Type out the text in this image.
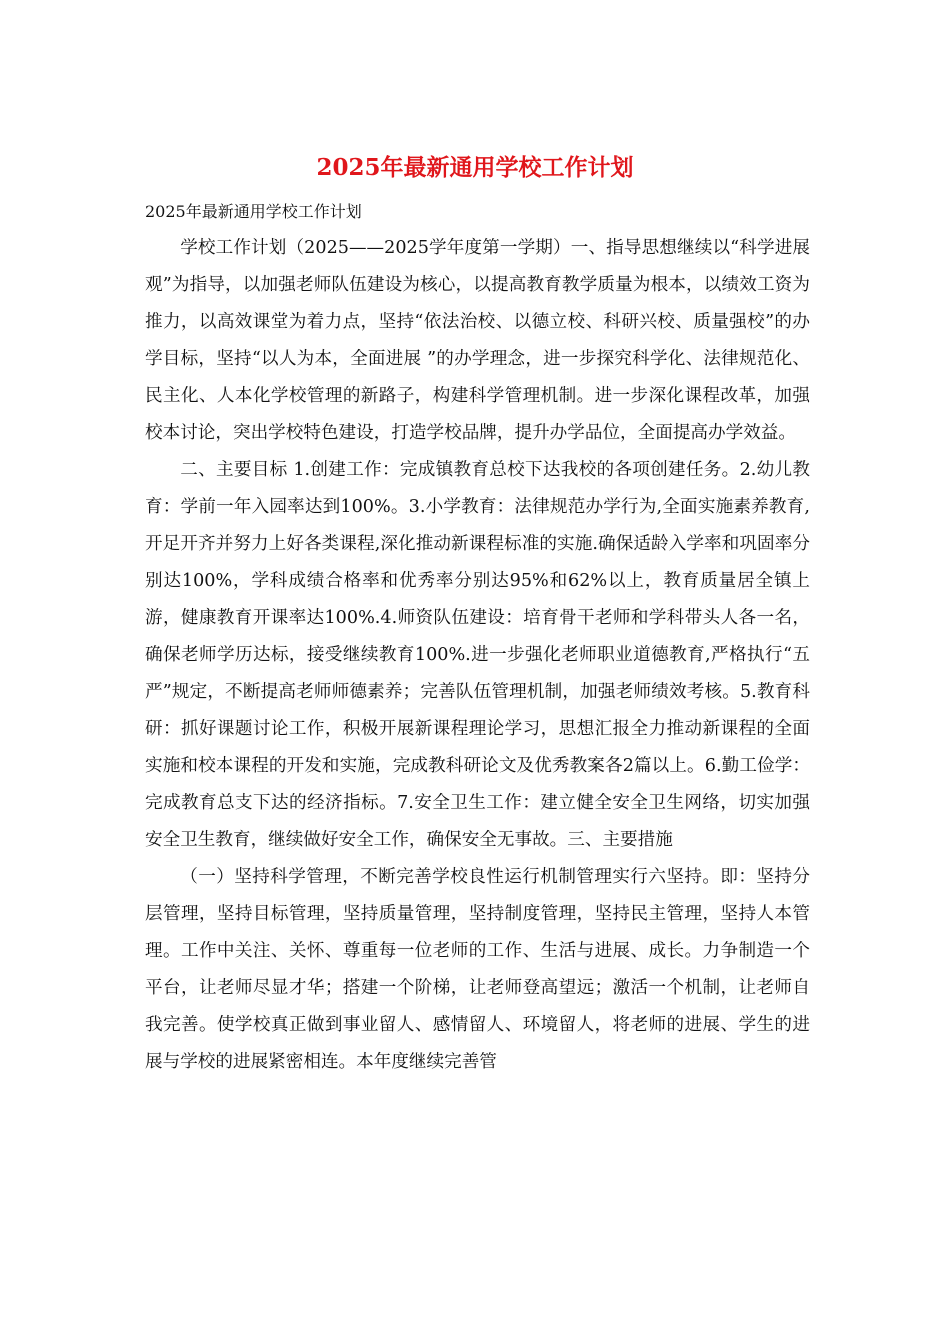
2025年最新通用学校工作计划

2025年最新通用学校工作计划

学校工作计划（2025——2025学年度第一学期）一、指导思想继续以“科学进展观”为指导，以加强老师队伍建设为核心，以提高教育教学质量为根本，以绩效工资为推力，以高效课堂为着力点，坚持“依法治校、以德立校、科研兴校、质量强校”的办学目标，坚持“以人为本，全面进展 ”的办学理念，进一步探究科学化、法律规范化、民主化、人本化学校管理的新路子，构建科学管理机制。进一步深化课程改革，加强校本讨论，突出学校特色建设，打造学校品牌，提升办学品位，全面提高办学效益。

二、主要目标 1.创建工作：完成镇教育总校下达我校的各项创建任务。2.幼儿教育：学前一年入园率达到100%。3.小学教育：法律规范办学行为,全面实施素养教育,开足开齐并努力上好各类课程,深化推动新课程标准的实施.确保适龄入学率和巩固率分别达100%，学科成绩合格率和优秀率分别达95%和62%以上，教育质量居全镇上游，健康教育开课率达100%.4.师资队伍建设：培育骨干老师和学科带头人各一名，确保老师学历达标，接受继续教育100%.进一步强化老师职业道德教育,严格执行“五严”规定，不断提高老师师德素养；完善队伍管理机制，加强老师绩效考核。5.教育科研：抓好课题讨论工作，积极开展新课程理论学习，思想汇报全力推动新课程的全面实施和校本课程的开发和实施，完成教科研论文及优秀教案各2篇以上。6.勤工俭学：完成教育总支下达的经济指标。7.安全卫生工作：建立健全安全卫生网络，切实加强安全卫生教育，继续做好安全工作，确保安全无事故。三、主要措施

（一）坚持科学管理，不断完善学校良性运行机制管理实行六坚持。即：坚持分层管理，坚持目标管理，坚持质量管理，坚持制度管理，坚持民主管理，坚持人本管理。工作中关注、关怀、尊重每一位老师的工作、生活与进展、成长。力争制造一个平台，让老师尽显才华；搭建一个阶梯，让老师登高望远；激活一个机制，让老师自我完善。使学校真正做到事业留人、感情留人、环境留人，将老师的进展、学生的进展与学校的进展紧密相连。本年度继续完善管
